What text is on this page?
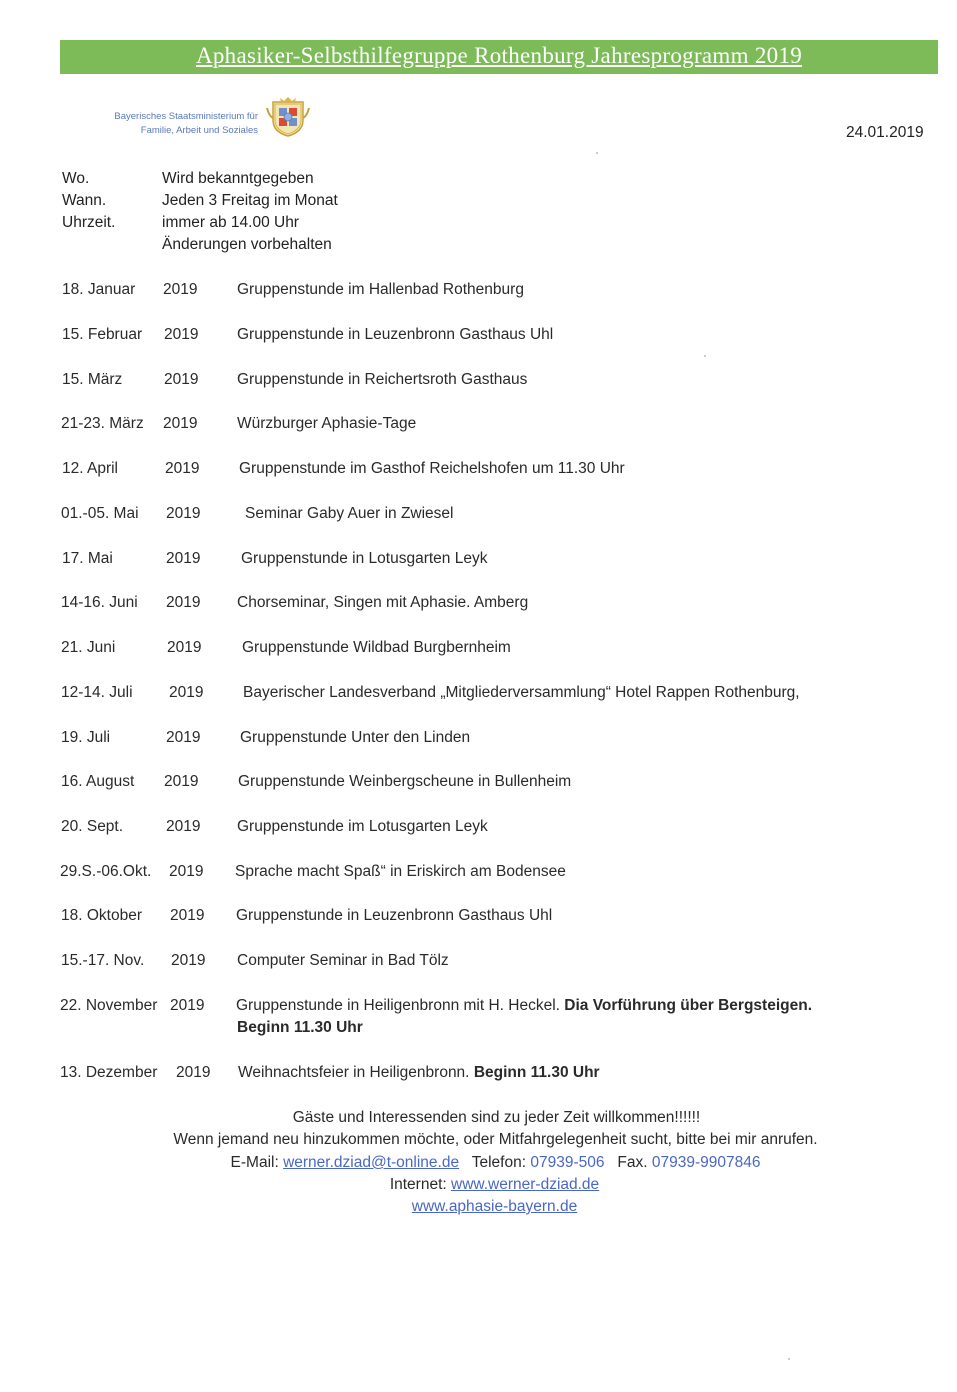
Aphasiker-Selbsthilfegruppe Rothenburg Jahresprogramm 2019
Bayerisches Staatsministerium für
Familie, Arbeit und Soziales	24.01.2019
Wo.	Wird bekanntgegeben
Wann.	Jeden 3 Freitag im Monat
Uhrzeit.	immer ab 14.00 Uhr
Änderungen vorbehalten
18. Januar 2019	Gruppenstunde im Hallenbad Rothenburg
15. Februar 2019 Gruppenstunde in Leuzenbronn Gasthaus Uhl
15. März	2019 Gruppenstunde in Reichertsroth Gasthaus
21-23. März 2019	Würzburger Aphasie-Tage
12. April	2019	Gruppenstunde im Gasthof Reichelshofen um 11.30 Uhr
01.-05. Mai 2019	Seminar Gaby Auer in Zwiesel
17. Mai	2019	Gruppenstunde in Lotusgarten Leyk
14-16. Juni 2019 Chorseminar, Singen mit Aphasie. Amberg
21. Juni	2019	Gruppenstunde Wildbad Burgbernheim
12-14. Juli 2019	Bayerischer Landesverband „Mitgliederversammlung“ Hotel Rappen Rothenburg,
19. Juli	2019	Gruppenstunde Unter den Linden
16. August 2019	Gruppenstunde Weinbergscheune in Bullenheim
20. Sept.	2019 Gruppenstunde im Lotusgarten Leyk
29.S.-06.Okt. 2019 Sprache macht Spaß“ in Eriskirch am Bodensee
18. Oktober 2019 Gruppenstunde in Leuzenbronn Gasthaus Uhl
15.-17. Nov. 2019 Computer Seminar in Bad Tölz
22. November 2019 Gruppenstunde in Heiligenbronn mit H. Heckel. Dia Vorführung über Bergsteigen.
Beginn 11.30 Uhr
13. Dezember 2019 Weihnachtsfeier in Heiligenbronn. Beginn 11.30 Uhr
Gäste und Interessenden sind zu jeder Zeit willkommen!!!!!!
Wenn jemand neu hinzukommen möchte, oder Mitfahrgelegenheit sucht, bitte bei mir anrufen.
E-Mail: werner.dziad@t-online.de Telefon: 07939-506 Fax. 07939-9907846
Internet: www.werner-dziad.de
www.aphasie-bayern.de
